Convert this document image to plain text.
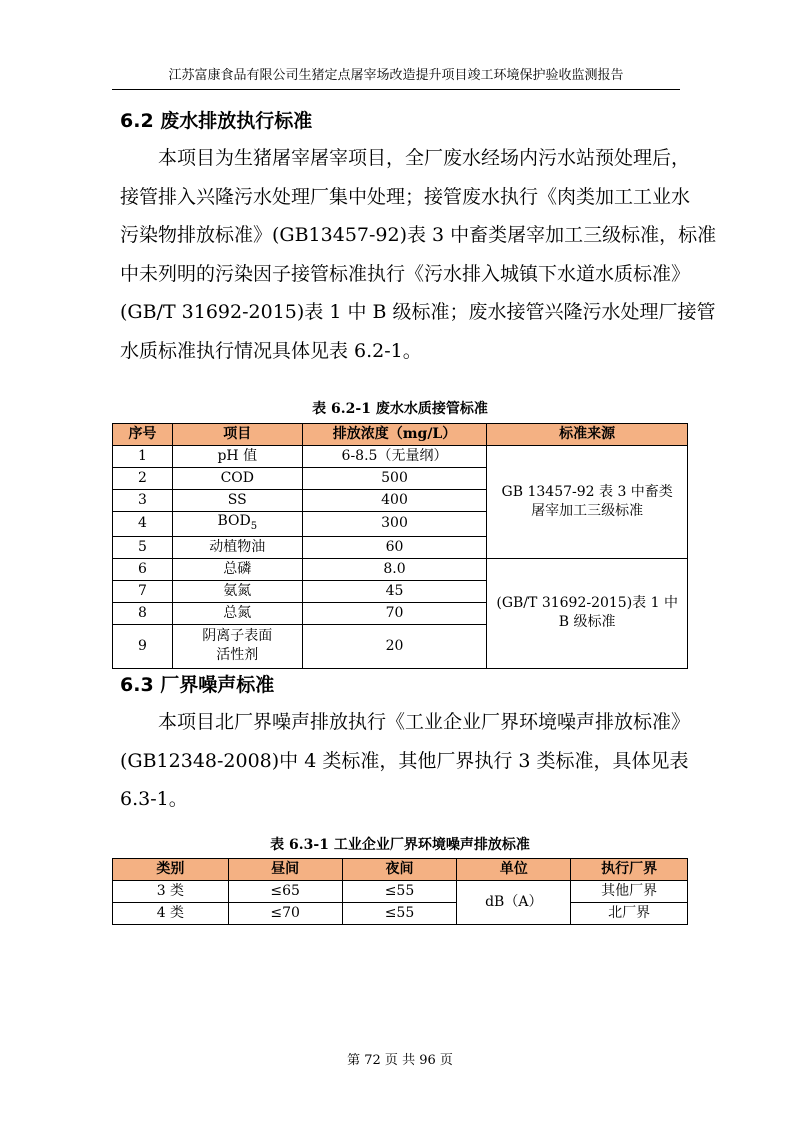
江苏富康食品有限公司生猪定点屠宰场改造提升项目竣工环境保护验收监测报告
6.2 废水排放执行标准

本项目为生猪屠宰屠宰项目，全厂废水经场内污水站预处理后，
接管排入兴隆污水处理厂集中处理；接管废水执行《肉类加工工业水
污染物排放标准》(GB13457-92)表 3 中畜类屠宰加工三级标准，标准
中未列明的污染因子接管标准执行《污水排入城镇下水道水质标准》
(GB/T 31692-2015)表 1 中 B 级标准；废水接管兴隆污水处理厂接管
水质标准执行情况具体见表 6.2-1。

表 6.2-1 废水水质接管标准
序号	项目	排放浓度（mg/L）	标准来源
1	pH 值	6-8.5（无量纲）	GB 13457-92 表 3 中畜类
屠宰加工三级标准

2	COD	500	
3	SS	400	
4	$BOD_5$	300	
5	动植物油	60	
6	总磷	8.0	(GB/T 31692-2015)表 1 中
B 级标准

7	氨氮	45	
8	总氮	70	
9	阴离子表面
活性剂	20	
6.3 厂界噪声标准

本项目北厂界噪声排放执行《工业企业厂界环境噪声排放标准》
(GB12348-2008)中 4 类标准，其他厂界执行 3 类标准，具体见表
6.3-1。

表 6.3-1 工业企业厂界环境噪声排放标准
类别	昼间	夜间	单位	执行厂界
3 类	≤65	≤55	dB（A）	其他厂界
4 类	≤70	≤55		北厂界
第 72 页 共 96 页
